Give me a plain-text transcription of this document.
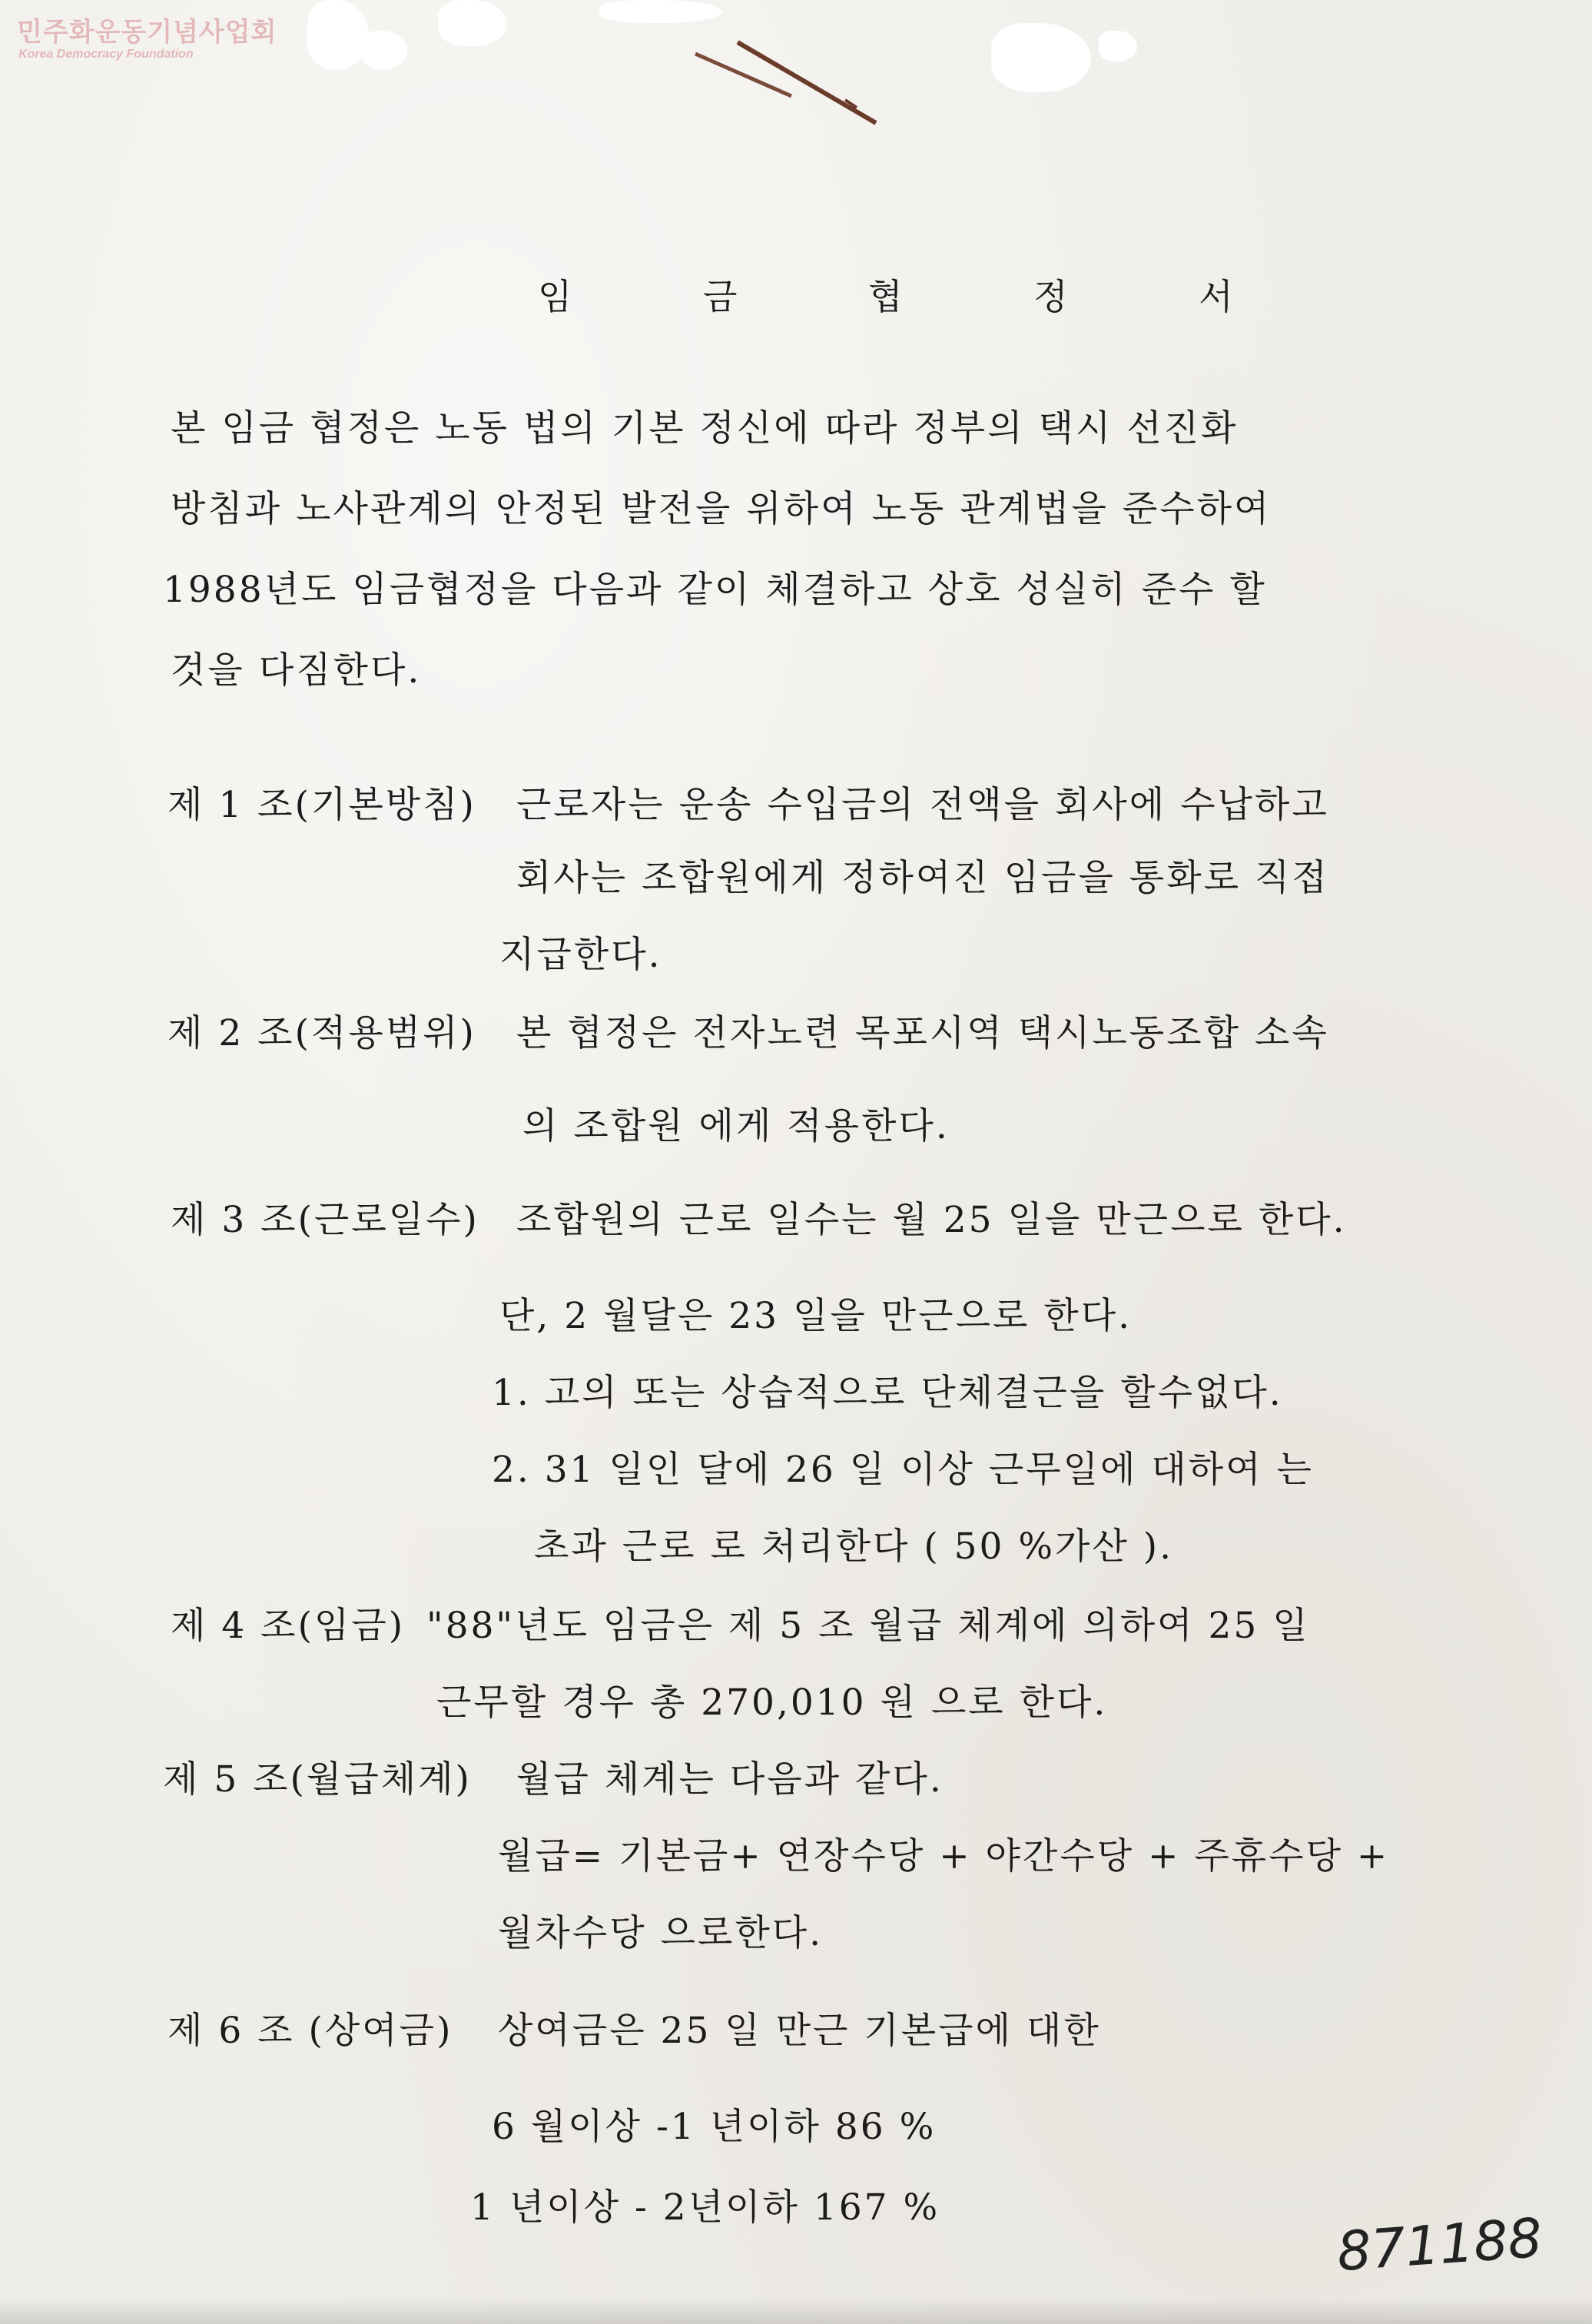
민주화운동기념사업회
Korea Democracy Foundation
임 금 협 정 서
본 임금 협정은 노동 법의 기본 정신에 따라 정부의 택시 선진화
방침과 노사관계의 안정된 발전을 위하여 노동 관계법을 준수하여
1988년도 임금협정을 다음과 같이 체결하고 상호 성실히 준수 할
것을 다짐한다.
제 1 조(기본방침) 근로자는 운송 수입금의 전액을 회사에 수납하고
회사는 조합원에게 정하여진 임금을 통화로 직접
지급한다.
제 2 조(적용범위) 본 협정은 전자노련 목포시역 택시노동조합 소속
의 조합원 에게 적용한다.
제 3 조(근로일수) 조합원의 근로 일수는 월 25 일을 만근으로 한다.
단, 2 월달은 23 일을 만근으로 한다.
1. 고의 또는 상습적으로 단체결근을 할수없다.
2. 31 일인 달에 26 일 이상 근무일에 대하여 는
초과 근로 로 처리한다 ( 50 %가산 ).
제 4 조(임금) "88"년도 임금은 제 5 조 월급 체계에 의하여 25 일
근무할 경우 총 270,010 원 으로 한다.
제 5 조(월급체계) 월급 체계는 다음과 같다.
월급= 기본금+ 연장수당 + 야간수당 + 주휴수당 +
월차수당 으로한다.
제 6 조 (상여금) 상여금은 25 일 만근 기본급에 대한
6 월이상 -1 년이하 86 %
1 년이상 - 2년이하 167 %	871188
